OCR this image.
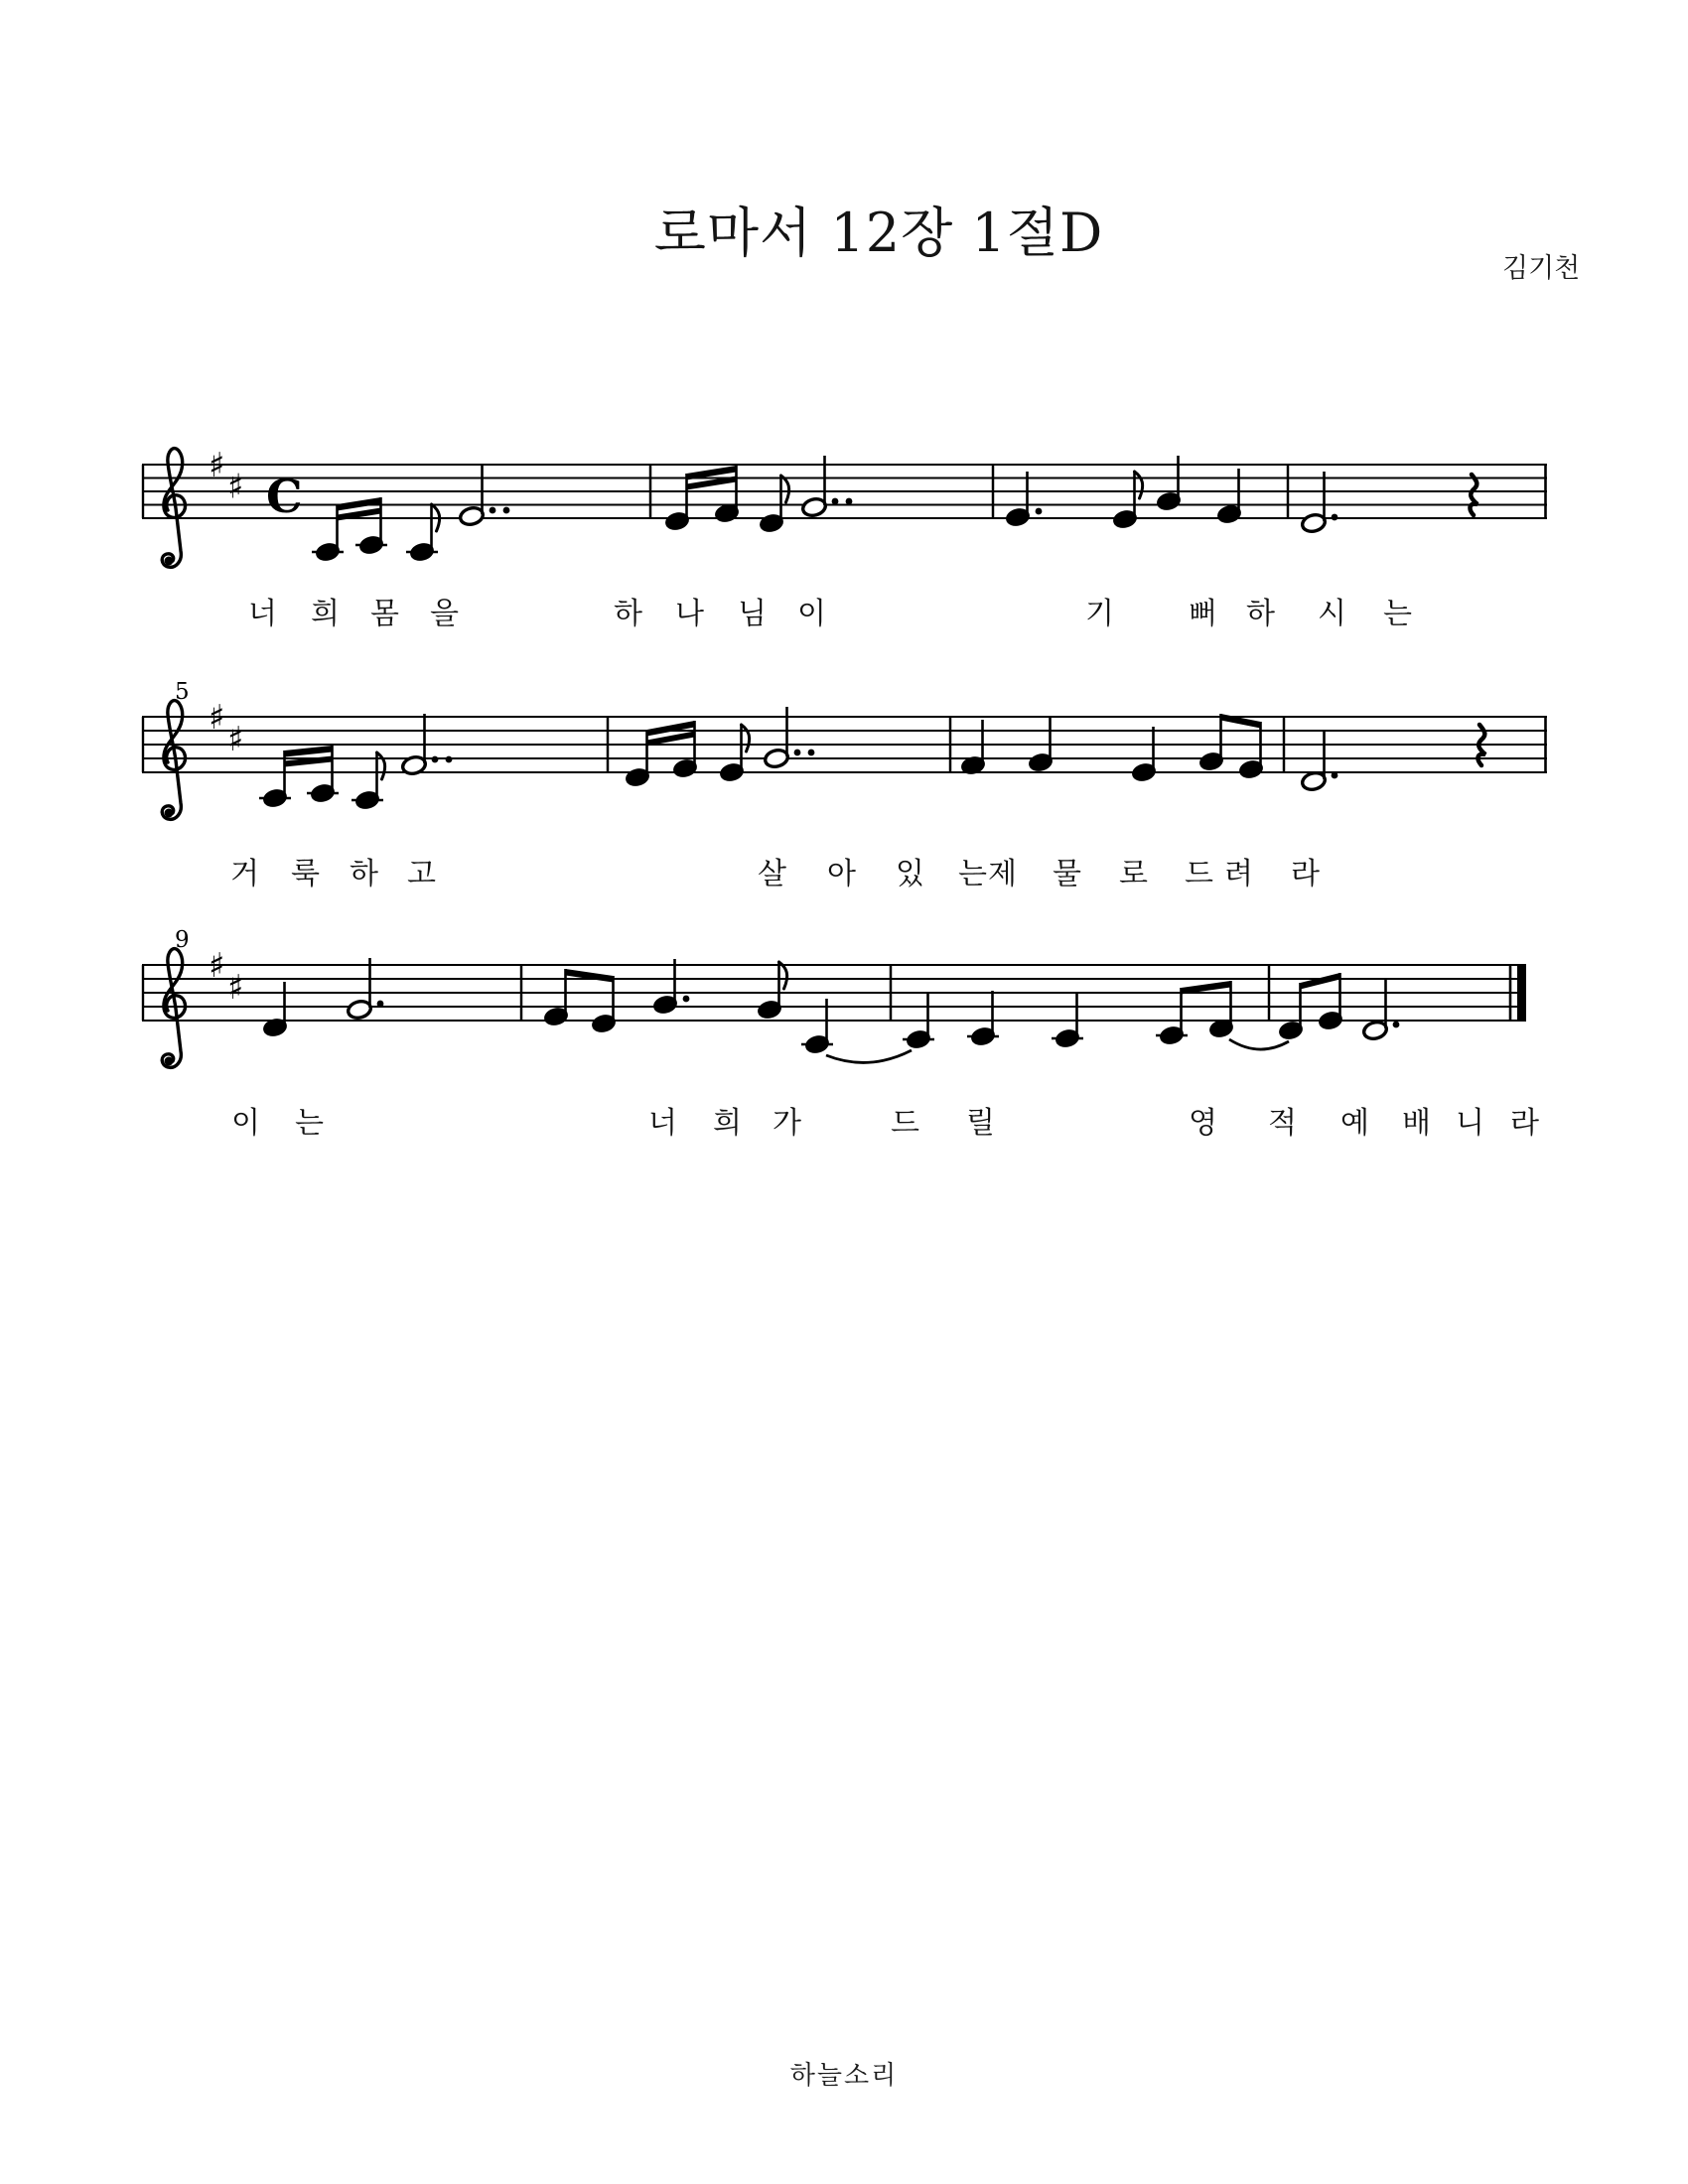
로마서 12장 1절D
김기천
♯
♯ C
♯
♯
5
♯
♯
9
너 희 몸 을	하 나 님 이	기	뻐 하 시 는
거 룩 하 고	살 아 있 는 제 물 로 드 려 라
이 는	너 희 가	드 릴	영 적 예 배 니 라
하늘소리
